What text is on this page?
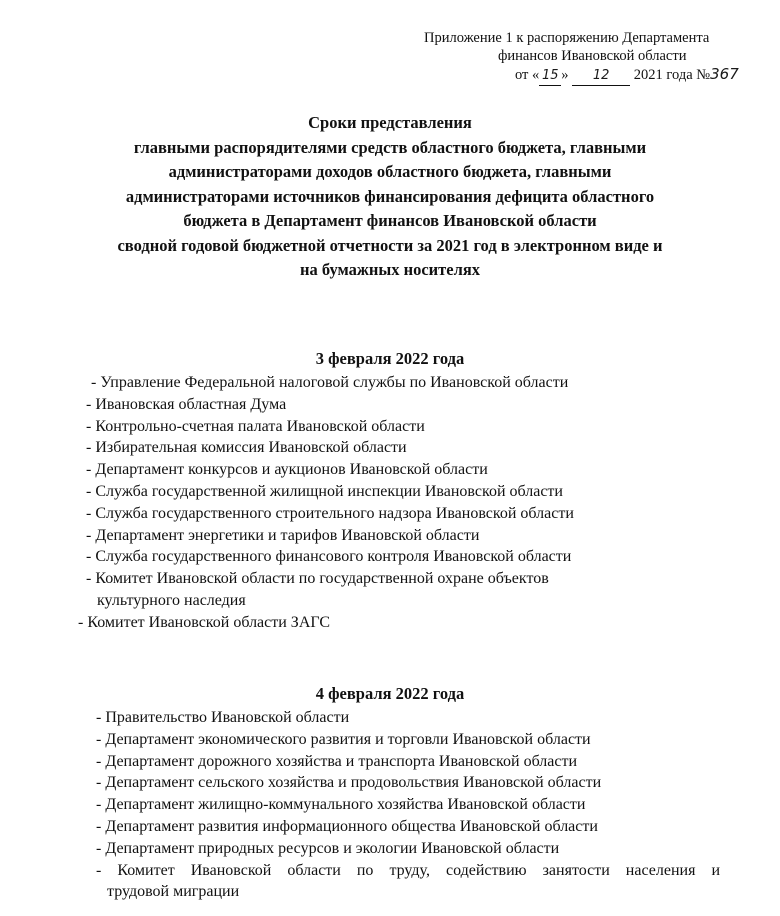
Приложение 1 к распоряжению Департамента
финансов Ивановской области
от « 15 » 12 2021 года №367
Сроки представления
главными распорядителями средств областного бюджета, главными
администраторами доходов областного бюджета, главными
администраторами источников финансирования дефицита областного
бюджета в Департамент финансов Ивановской области
сводной годовой бюджетной отчетности за 2021 год в электронном виде и
на бумажных носителях
3 февраля 2022 года
- Управление Федеральной налоговой службы по Ивановской области
- Ивановская областная Дума
- Контрольно-счетная палата Ивановской области
- Избирательная комиссия Ивановской области
- Департамент конкурсов и аукционов Ивановской области
- Служба государственной жилищной инспекции Ивановской области
- Служба государственного строительного надзора Ивановской области
- Департамент энергетики и тарифов Ивановской области
- Служба государственного финансового контроля Ивановской области
- Комитет Ивановской области по государственной охране объектов
культурного наследия
- Комитет Ивановской области ЗАГС
4 февраля 2022 года
- Правительство Ивановской области
- Департамент экономического развития и торговли Ивановской области
- Департамент дорожного хозяйства и транспорта Ивановской области
- Департамент сельского хозяйства и продовольствия Ивановской области
- Департамент жилищно-коммунального хозяйства Ивановской области
- Департамент развития информационного общества Ивановской области
- Департамент природных ресурсов и экологии Ивановской области
- Комитет Ивановской области по труду, содействию занятости населения и
трудовой миграции
